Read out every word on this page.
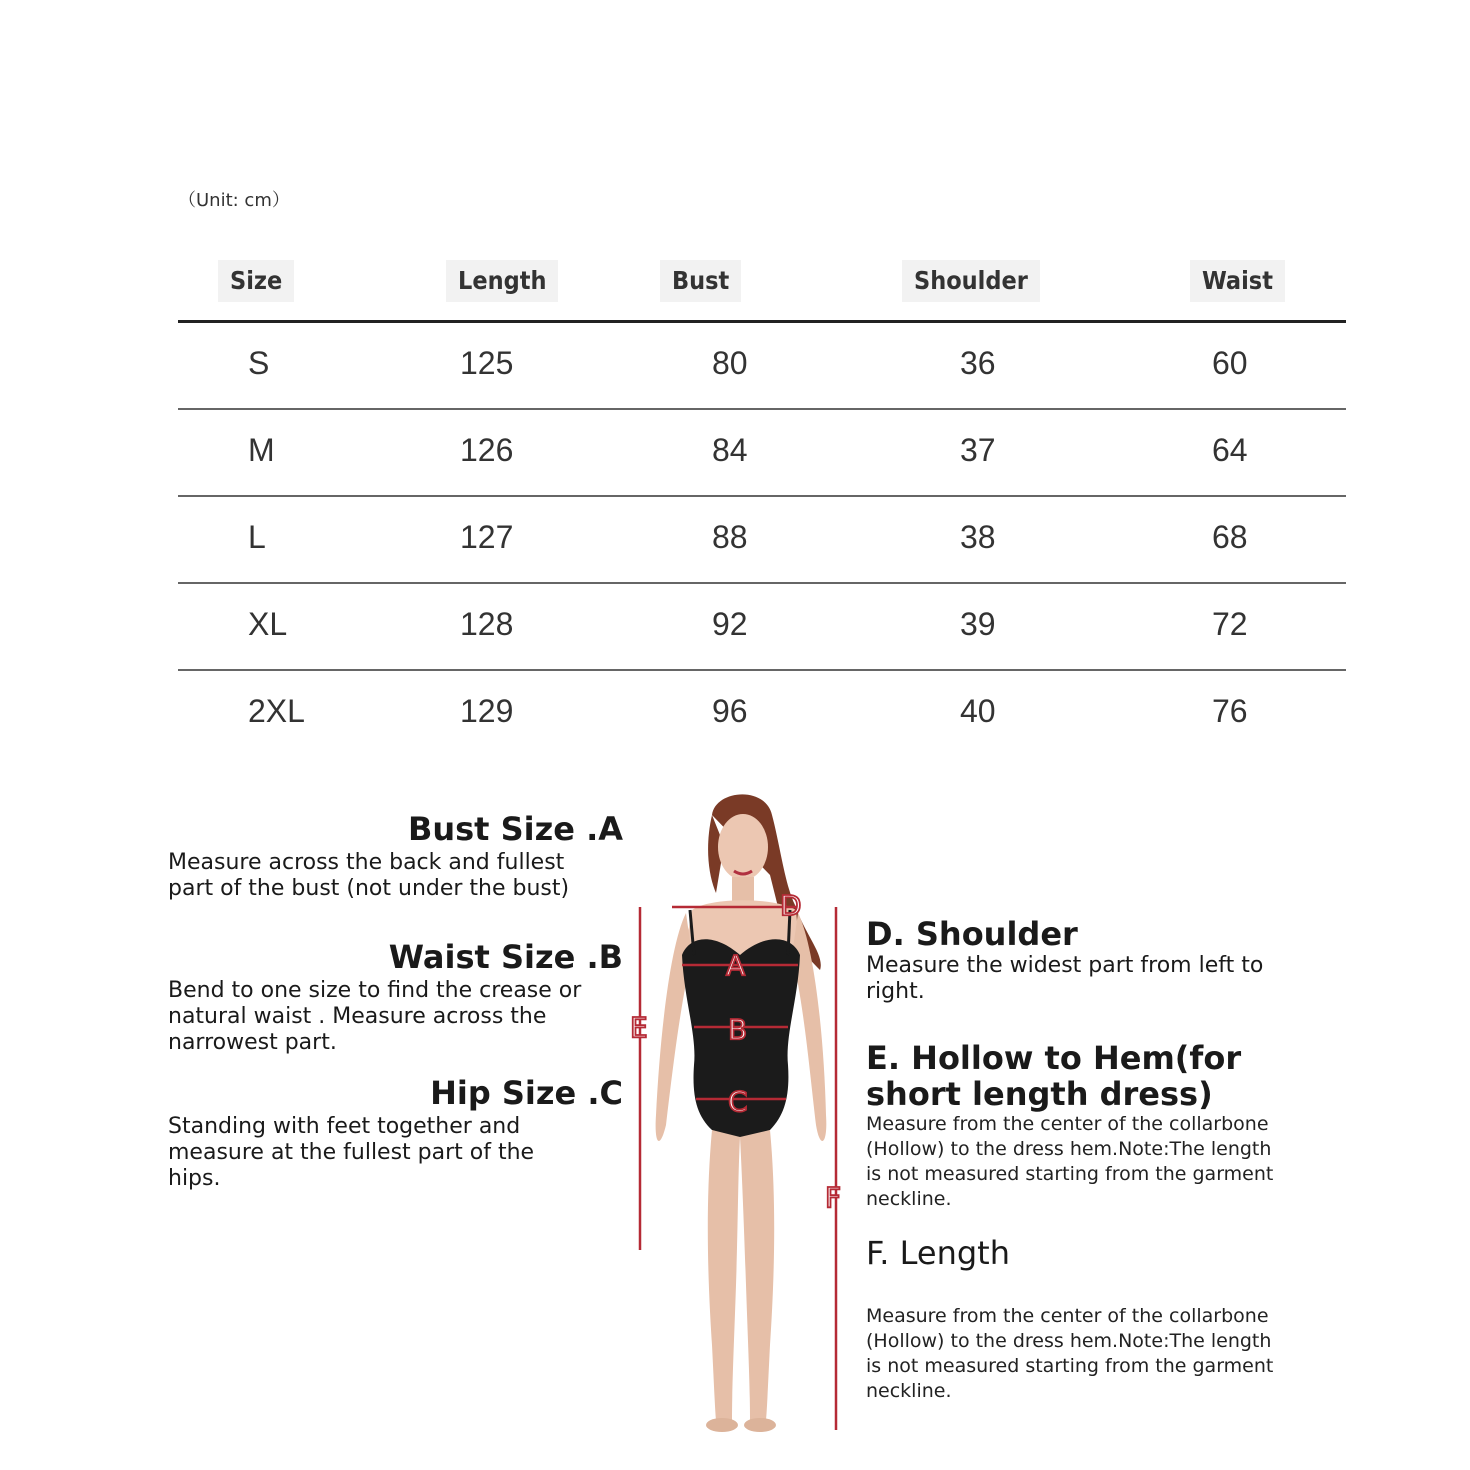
（Unit: cm）
Size	Length	Bust	Shoulder	Waist
S	125	80	36	60
M	126	84	37	64
L	127	88	38	68
XL	128	92	39	72
2XL	129	96	40	76
Bust Size .A
Measure across the back and fullest
part of the bust (not under the bust)
Waist Size .B
Bend to one size to find the crease or
natural waist . Measure across the
narrowest part.
Hip Size .C
Standing with feet together and
measure at the fullest part of the
hips.
D
A
B
C
E
F
D. Shoulder
Measure the widest part from left to
right.
E. Hollow to Hem(for
short length dress)
Measure from the center of the collarbone
(Hollow) to the dress hem.Note:The length
is not measured starting from the garment
neckline.
F. Length
Measure from the center of the collarbone
(Hollow) to the dress hem.Note:The length
is not measured starting from the garment
neckline.
